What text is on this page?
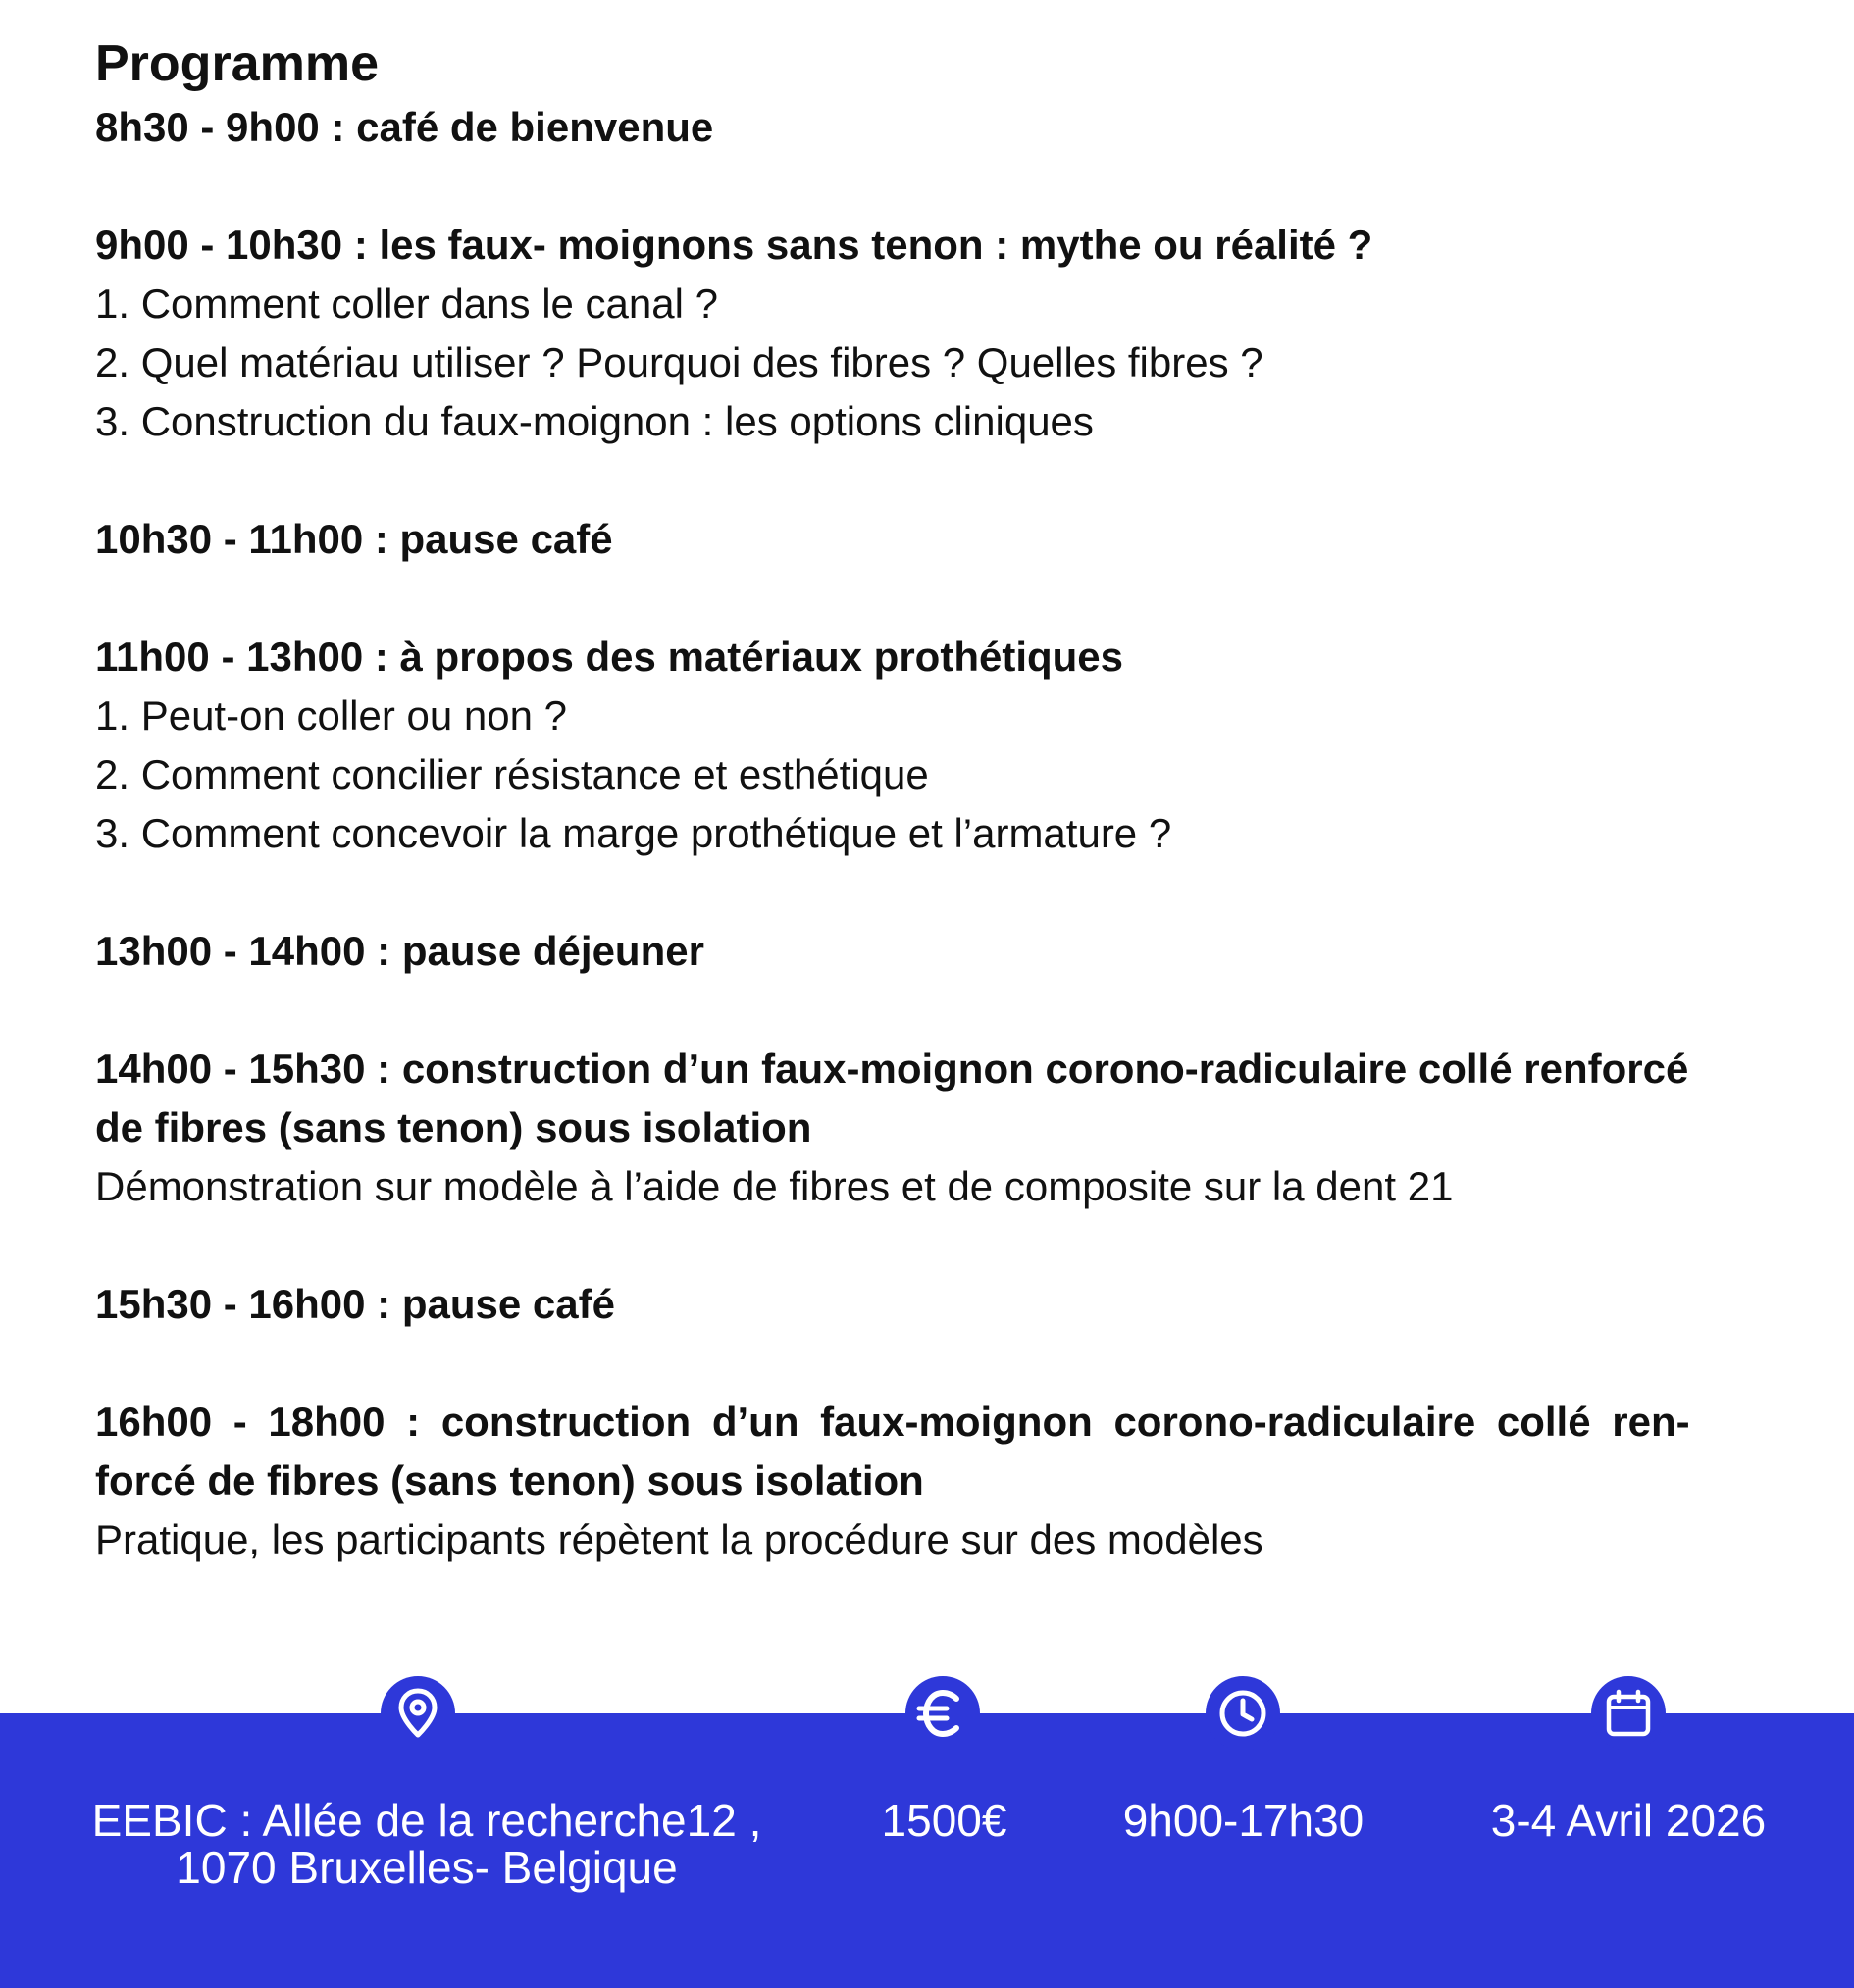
Programme

8h30 - 9h00 : café de bienvenue

9h00 - 10h30 : les faux- moignons sans tenon : mythe ou réalité ?

1. Comment coller dans le canal ?

2. Quel matériau utiliser ? Pourquoi des fibres ? Quelles fibres ?

3. Construction du faux-moignon : les options cliniques

10h30 - 11h00 : pause café

11h00 - 13h00 : à propos des matériaux prothétiques

1. Peut-on coller ou non ?

2. Comment concilier résistance et esthétique

3. Comment concevoir la marge prothétique et l’armature ?

13h00 - 14h00 : pause déjeuner

14h00 - 15h30 : construction d’un faux-moignon corono-radiculaire collé renforcé

de fibres (sans tenon) sous isolation

Démonstration sur modèle à l’aide de fibres et de composite sur la dent 21

15h30 - 16h00 : pause café

16h00 - 18h00 : construction d’un faux-moignon corono-radiculaire collé ren-

forcé de fibres (sans tenon) sous isolation

Pratique, les participants répètent la procédure sur des modèles

EEBIC : Allée de la recherche12 ,
1070 Bruxelles- Belgique
1500€	9h00-17h30	3-4 Avril 2026
